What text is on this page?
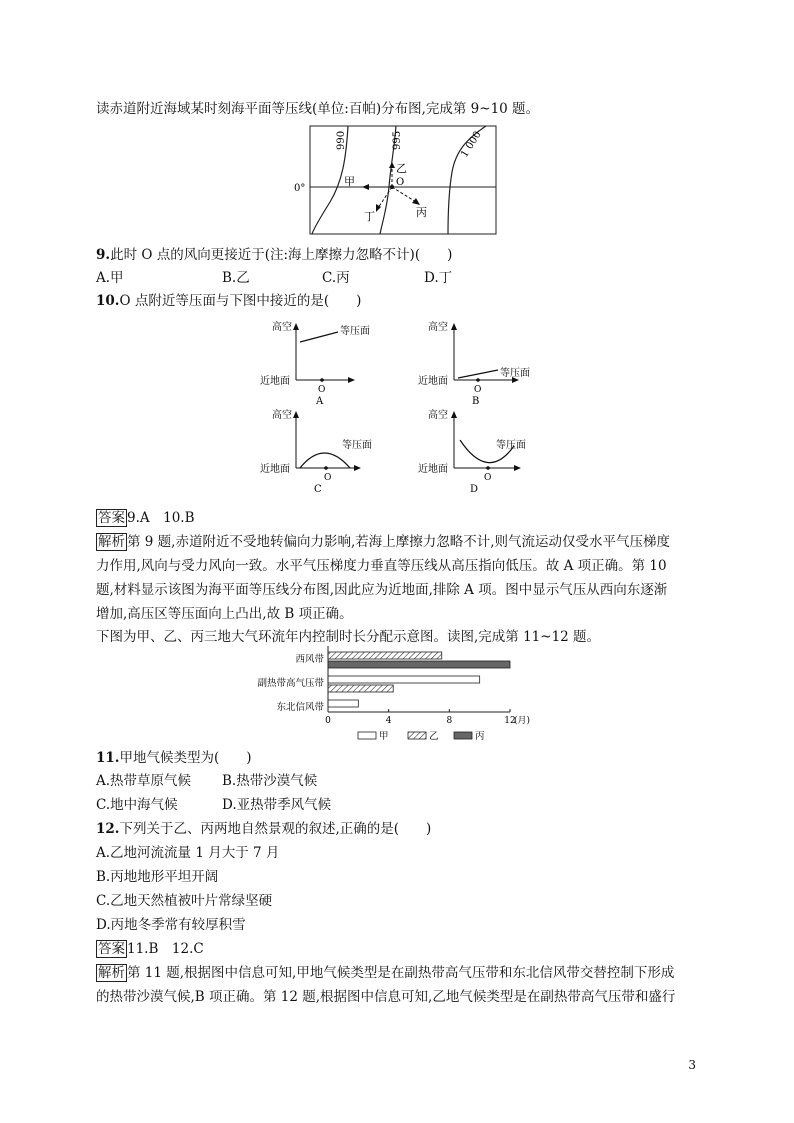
读赤道附近海域某时刻海平面等压线(单位:百帕)分布图,完成第 9~10 题。
990	995	1 000
0°
O
甲
乙
丙
丁
9.此时 O 点的风向更接近于(注:海上摩擦力忽略不计)(　　)
A.甲	B.乙	C.丙	D.丁
10.O 点附近等压面与下图中接近的是(　　)
高空
近地面
等压面
O
A
高空
近地面
等压面
O
B
高空
近地面
等压面
O
C
高空
近地面
等压面
O
D
答案 9.A　10.B
解析 第 9 题,赤道附近不受地转偏向力影响,若海上摩擦力忽略不计,则气流运动仅受水平气压梯度
力作用,风向与受力风向一致。水平气压梯度力垂直等压线从高压指向低压。故 A 项正确。第 10
题,材料显示该图为海平面等压线分布图,因此应为近地面,排除 A 项。图中显示气压从西向东逐渐
增加,高压区等压面向上凸出,故 B 项正确。
下图为甲、乙、丙三地大气环流年内控制时长分配示意图。读图,完成第 11~12 题。
西风带
副热带高气压带
东北信风带
0	4	8	12
(月)
甲	乙	丙
11.甲地气候类型为(　　)
A.热带草原气候 B.热带沙漠气候
C.地中海气候	D.亚热带季风气候
12.下列关于乙、丙两地自然景观的叙述,正确的是(　　)
A.乙地河流流量 1 月大于 7 月
B.丙地地形平坦开阔
C.乙地天然植被叶片常绿坚硬
D.丙地冬季常有较厚积雪
答案 11.B　12.C
解析 第 11 题,根据图中信息可知,甲地气候类型是在副热带高气压带和东北信风带交替控制下形成
的热带沙漠气候,B 项正确。第 12 题,根据图中信息可知,乙地气候类型是在副热带高气压带和盛行
3
